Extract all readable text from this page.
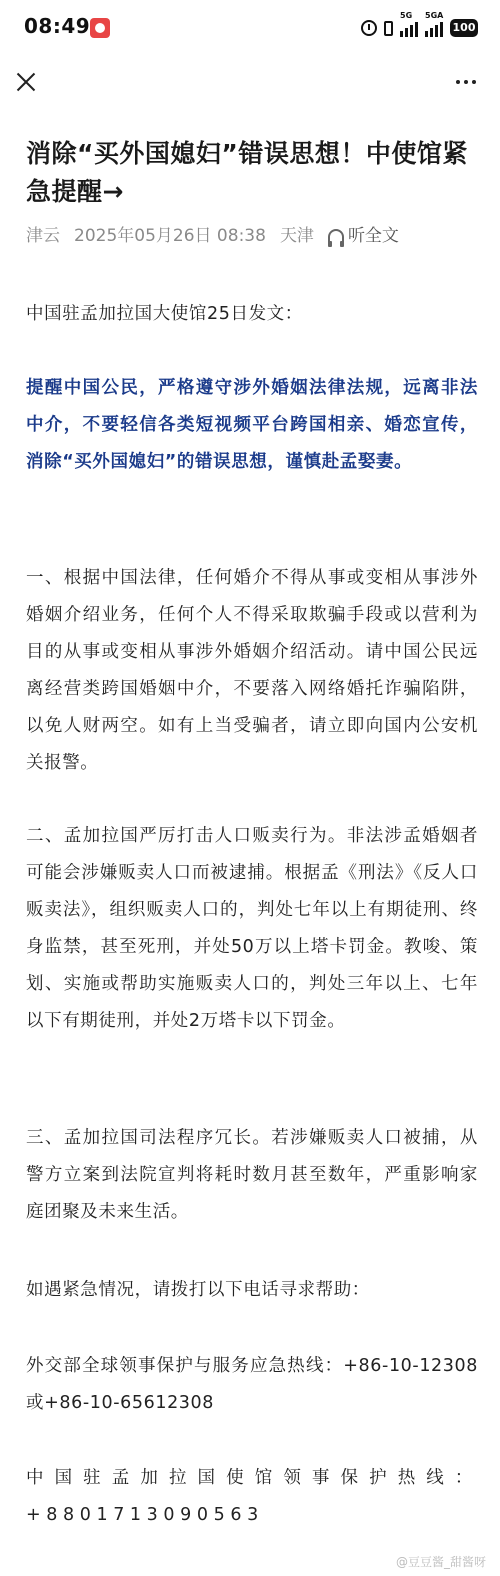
08:49	5G 5GA
100
消除“买外国媳妇”错误思想！中使馆紧急提醒→
津云 2025年05月26日 08:38 天津 听全文

中国驻孟加拉国大使馆25日发文：

提醒中国公民，严格遵守涉外婚姻法律法规，远离非法中介，不要轻信各类短视频平台跨国相亲、婚恋宣传，消除“买外国媳妇”的错误思想，谨慎赴孟娶妻。

一、根据中国法律，任何婚介不得从事或变相从事涉外婚姻介绍业务，任何个人不得采取欺骗手段或以营利为目的从事或变相从事涉外婚姻介绍活动。请中国公民远离经营类跨国婚姻中介，不要落入网络婚托诈骗陷阱，以免人财两空。如有上当受骗者，请立即向国内公安机关报警。

二、孟加拉国严厉打击人口贩卖行为。非法涉孟婚姻者可能会涉嫌贩卖人口而被逮捕。根据孟《刑法》《反人口贩卖法》，组织贩卖人口的，判处七年以上有期徒刑、终身监禁，甚至死刑，并处50万以上塔卡罚金。教唆、策划、实施或帮助实施贩卖人口的，判处三年以上、七年以下有期徒刑，并处2万塔卡以下罚金。

三、孟加拉国司法程序冗长。若涉嫌贩卖人口被捕，从警方立案到法院宣判将耗时数月甚至数年，严重影响家庭团聚及未来生活。

如遇紧急情况，请拨打以下电话寻求帮助：

外交部全球领事保护与服务应急热线：+86-10-12308或+86-10-65612308

中国驻孟加拉国使馆领事保护热线：+8801713090563

@豆豆酱_甜酱呀
